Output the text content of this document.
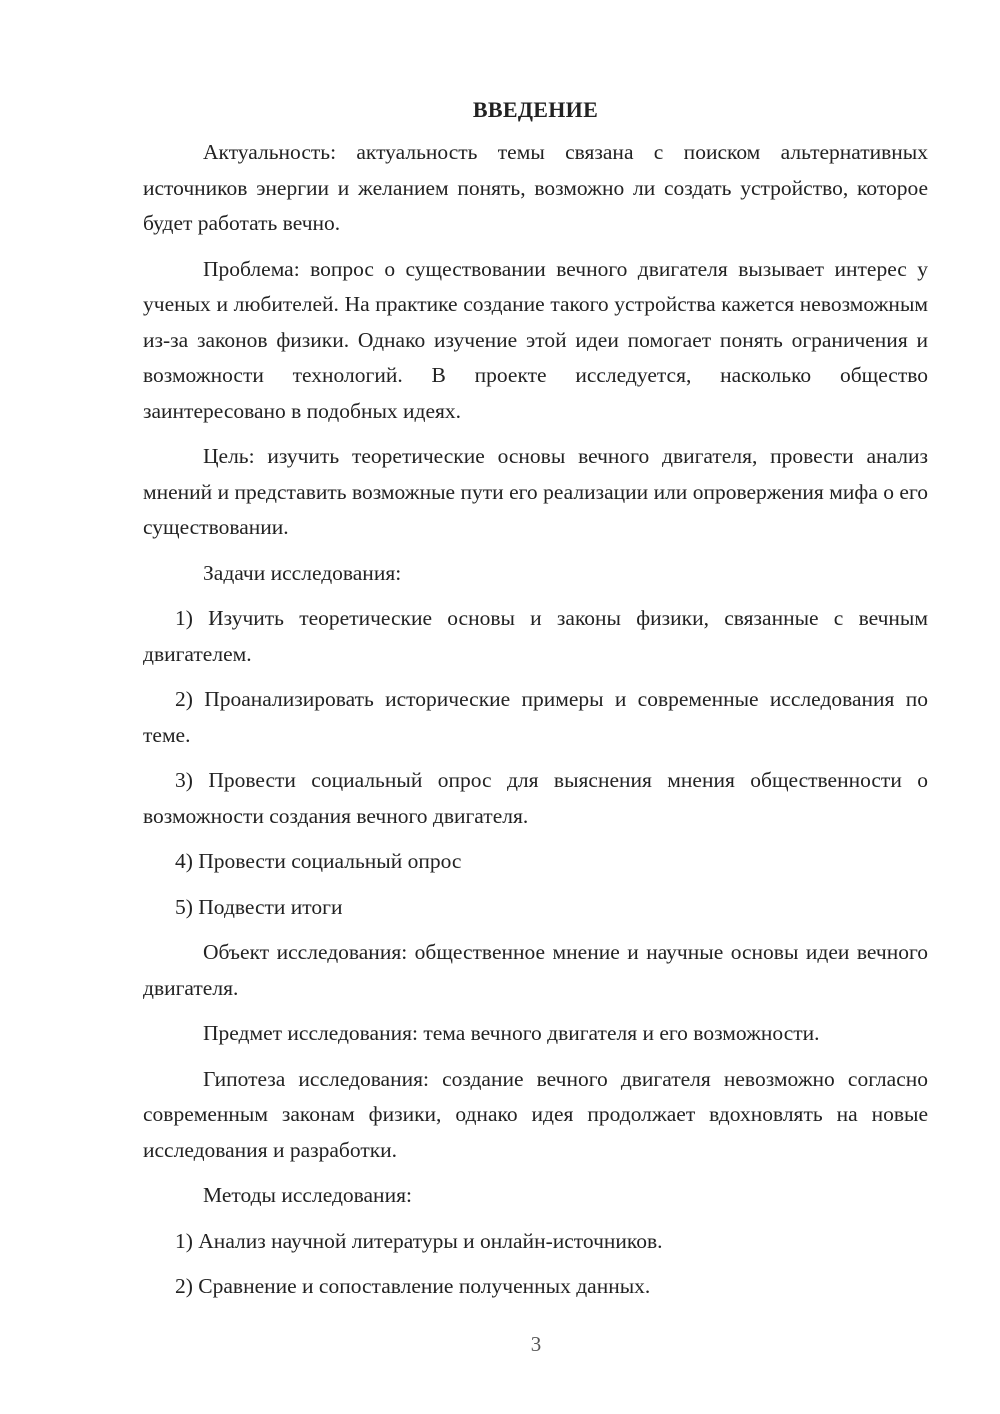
ВВЕДЕНИЕ

Актуальность: актуальность темы связана с поиском альтернативных источников энергии и желанием понять, возможно ли создать устройство, которое будет работать вечно.

Проблема: вопрос о существовании вечного двигателя вызывает интерес у ученых и любителей. На практике создание такого устройства кажется невозможным из-за законов физики. Однако изучение этой идеи помогает понять ограничения и возможности технологий. В проекте исследуется, насколько общество заинтересовано в подобных идеях.

Цель: изучить теоретические основы вечного двигателя, провести анализ мнений и представить возможные пути его реализации или опровержения мифа о его существовании.

Задачи исследования:

1) Изучить теоретические основы и законы физики, связанные с вечным двигателем.

2) Проанализировать исторические примеры и современные исследования по теме.

3) Провести социальный опрос для выяснения мнения общественности о возможности создания вечного двигателя.

4) Провести социальный опрос

5) Подвести итоги

Объект исследования: общественное мнение и научные основы идеи вечного двигателя.

Предмет исследования: тема вечного двигателя и его возможности.

Гипотеза исследования: создание вечного двигателя невозможно согласно современным законам физики, однако идея продолжает вдохновлять на новые исследования и разработки.

Методы исследования:

1) Анализ научной литературы и онлайн-источников.

2) Сравнение и сопоставление полученных данных.

3
